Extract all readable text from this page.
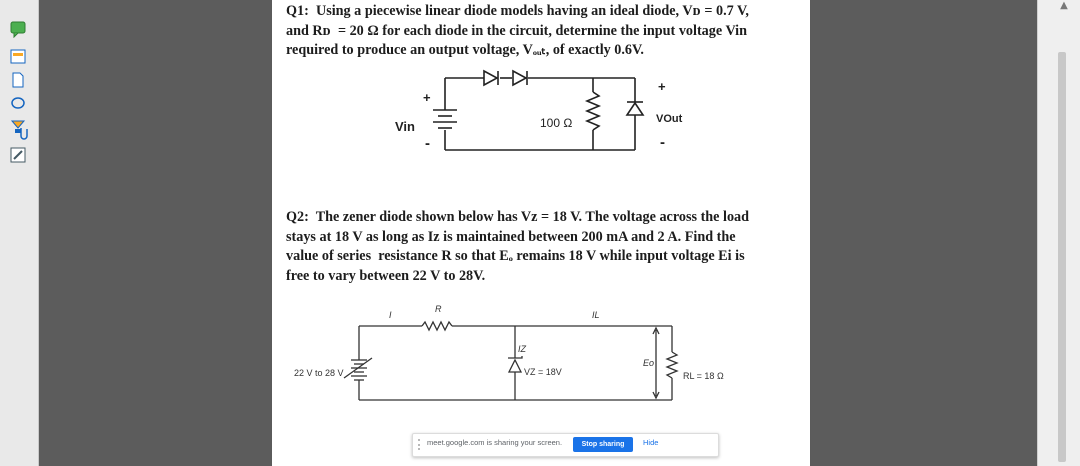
Q1:  Using a piecewise linear diode models having an ideal diode, Vᴅ = 0.7 V,
and Rᴅ  = 20 Ω for each diode in the circuit, determine the input voltage Vin
required to produce an output voltage, Vₒᵤₜ, of exactly 0.6V.

+
-
Vin	100 Ω
+
VOut
-

Q2:  The zener diode shown below has Vᴢ = 18 V. The voltage across the load
stays at 18 V as long as Iᴢ is maintained between 200 mA and 2 A. Find the
value of series  resistance R so that Eₒ remains 18 V while input voltage Ei is
free to vary between 22 V to 28V.

I
R
IL
IZ
22 V to 28 V	VZ = 18V
Eo
RL = 18 Ω
meet.google.com is sharing your screen.	Stop sharing	Hide
▲
